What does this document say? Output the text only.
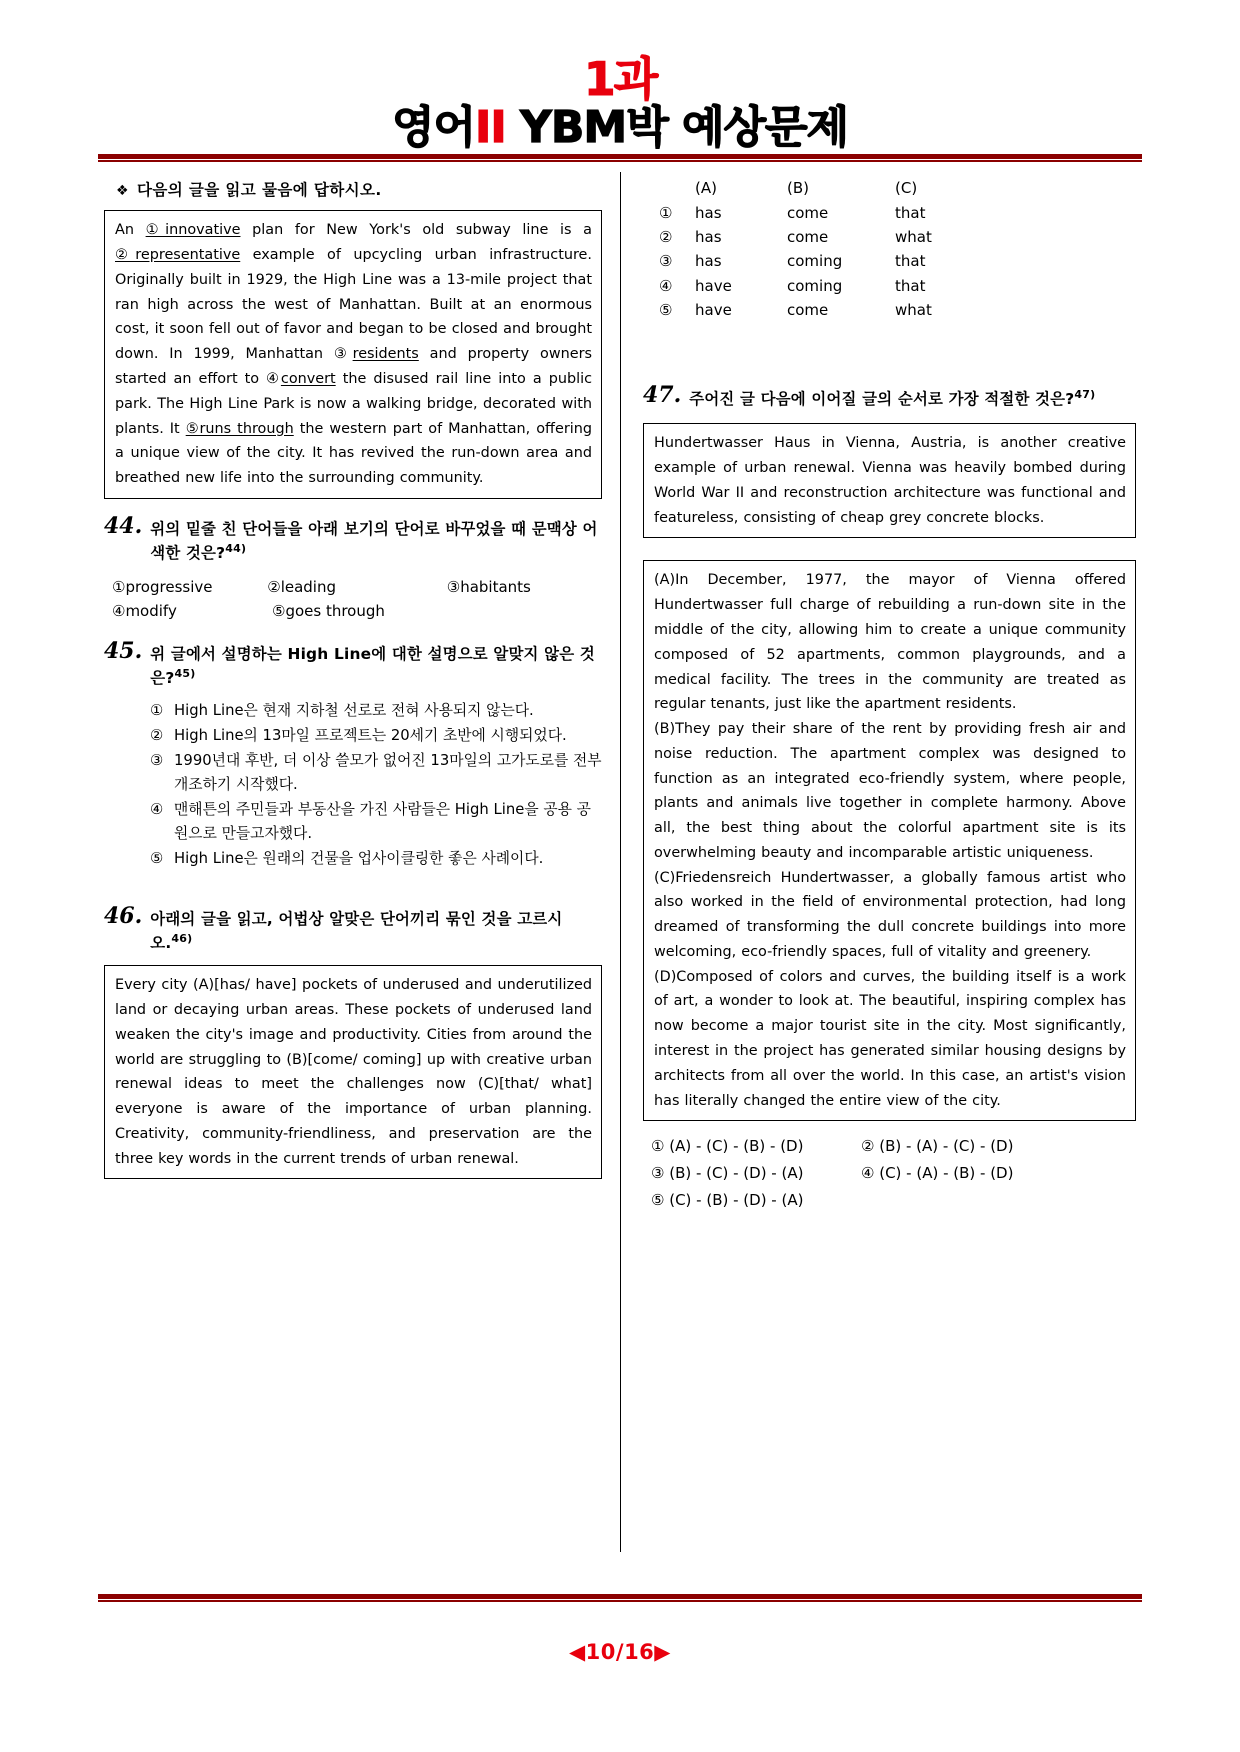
1과
영어II YBM박 예상문제
❖ 다음의 글을 읽고 물음에 답하시오.

An ①innovative plan for New York's old subway line is a ②representative example of upcycling urban infrastructure. Originally built in 1929, the High Line was a 13-mile project that ran high across the west of Manhattan. Built at an enormous cost, it soon fell out of favor and began to be closed and brought down. In 1999, Manhattan ③residents and property owners started an effort to ④convert the disused rail line into a public park. The High Line Park is now a walking bridge, decorated with plants. It ⑤runs through the western part of Manhattan, offering a unique view of the city. It has revived the run-down area and breathed new life into the surrounding community.

44. 위의 밑줄 친 단어들을 아래 보기의 단어로 바꾸었을 때 문맥상 어색한 것은?$^{44)}$
①progressive	②leading	③habitants
④modify	⑤goes through
45. 위 글에서 설명하는 High Line에 대한 설명으로 알맞지 않은 것은?$^{45)}$
① High Line은 현재 지하철 선로로 전혀 사용되지 않는다.
② High Line의 13마일 프로젝트는 20세기 초반에 시행되었다.
③ 1990년대 후반, 더 이상 쓸모가 없어진 13마일의 고가도로를 전부 개조하기 시작했다.
④ 맨해튼의 주민들과 부동산을 가진 사람들은 High Line을 공용 공원으로 만들고자했다.
⑤ High Line은 원래의 건물을 업사이클링한 좋은 사례이다.
46. 아래의 글을 읽고, 어법상 알맞은 단어끼리 묶인 것을 고르시오.$^{46)}$

Every city (A)[has/ have] pockets of underused and underutilized land or decaying urban areas. These pockets of underused land weaken the city's image and productivity. Cities from around the world are struggling to (B)[come/ coming] up with creative urban renewal ideas to meet the challenges now (C)[that/ what] everyone is aware of the importance of urban planning. Creativity, community-friendliness, and preservation are the three key words in the current trends of urban renewal.

(A)	(B)	(C)
①	has	come	that
②	has	come	what
③	has	coming	that
④	have	coming	that
⑤	have	come	what
47. 주어진 글 다음에 이어질 글의 순서로 가장 적절한 것은?$^{47)}$

Hundertwasser Haus in Vienna, Austria, is another creative example of urban renewal. Vienna was heavily bombed during World War II and reconstruction architecture was functional and featureless, consisting of cheap grey concrete blocks.

(A)In December, 1977, the mayor of Vienna offered Hundertwasser full charge of rebuilding a run-down site in the middle of the city, allowing him to create a unique community composed of 52 apartments, common playgrounds, and a medical facility. The trees in the community are treated as regular tenants, just like the apartment residents.

(B)They pay their share of the rent by providing fresh air and noise reduction. The apartment complex was designed to function as an integrated eco-friendly system, where people, plants and animals live together in complete harmony. Above all, the best thing about the colorful apartment site is its overwhelming beauty and incomparable artistic uniqueness.

(C)Friedensreich Hundertwasser, a globally famous artist who also worked in the field of environmental protection, had long dreamed of transforming the dull concrete buildings into more welcoming, eco-friendly spaces, full of vitality and greenery.

(D)Composed of colors and curves, the building itself is a work of art, a wonder to look at. The beautiful, inspiring complex has now become a major tourist site in the city. Most significantly, interest in the project has generated similar housing designs by architects from all over the world. In this case, an artist's vision has literally changed the entire view of the city.

① (A) - (C) - (B) - (D)	② (B) - (A) - (C) - (D)
③ (B) - (C) - (D) - (A)	④ (C) - (A) - (B) - (D)
⑤ (C) - (B) - (D) - (A)
◀10/16▶
